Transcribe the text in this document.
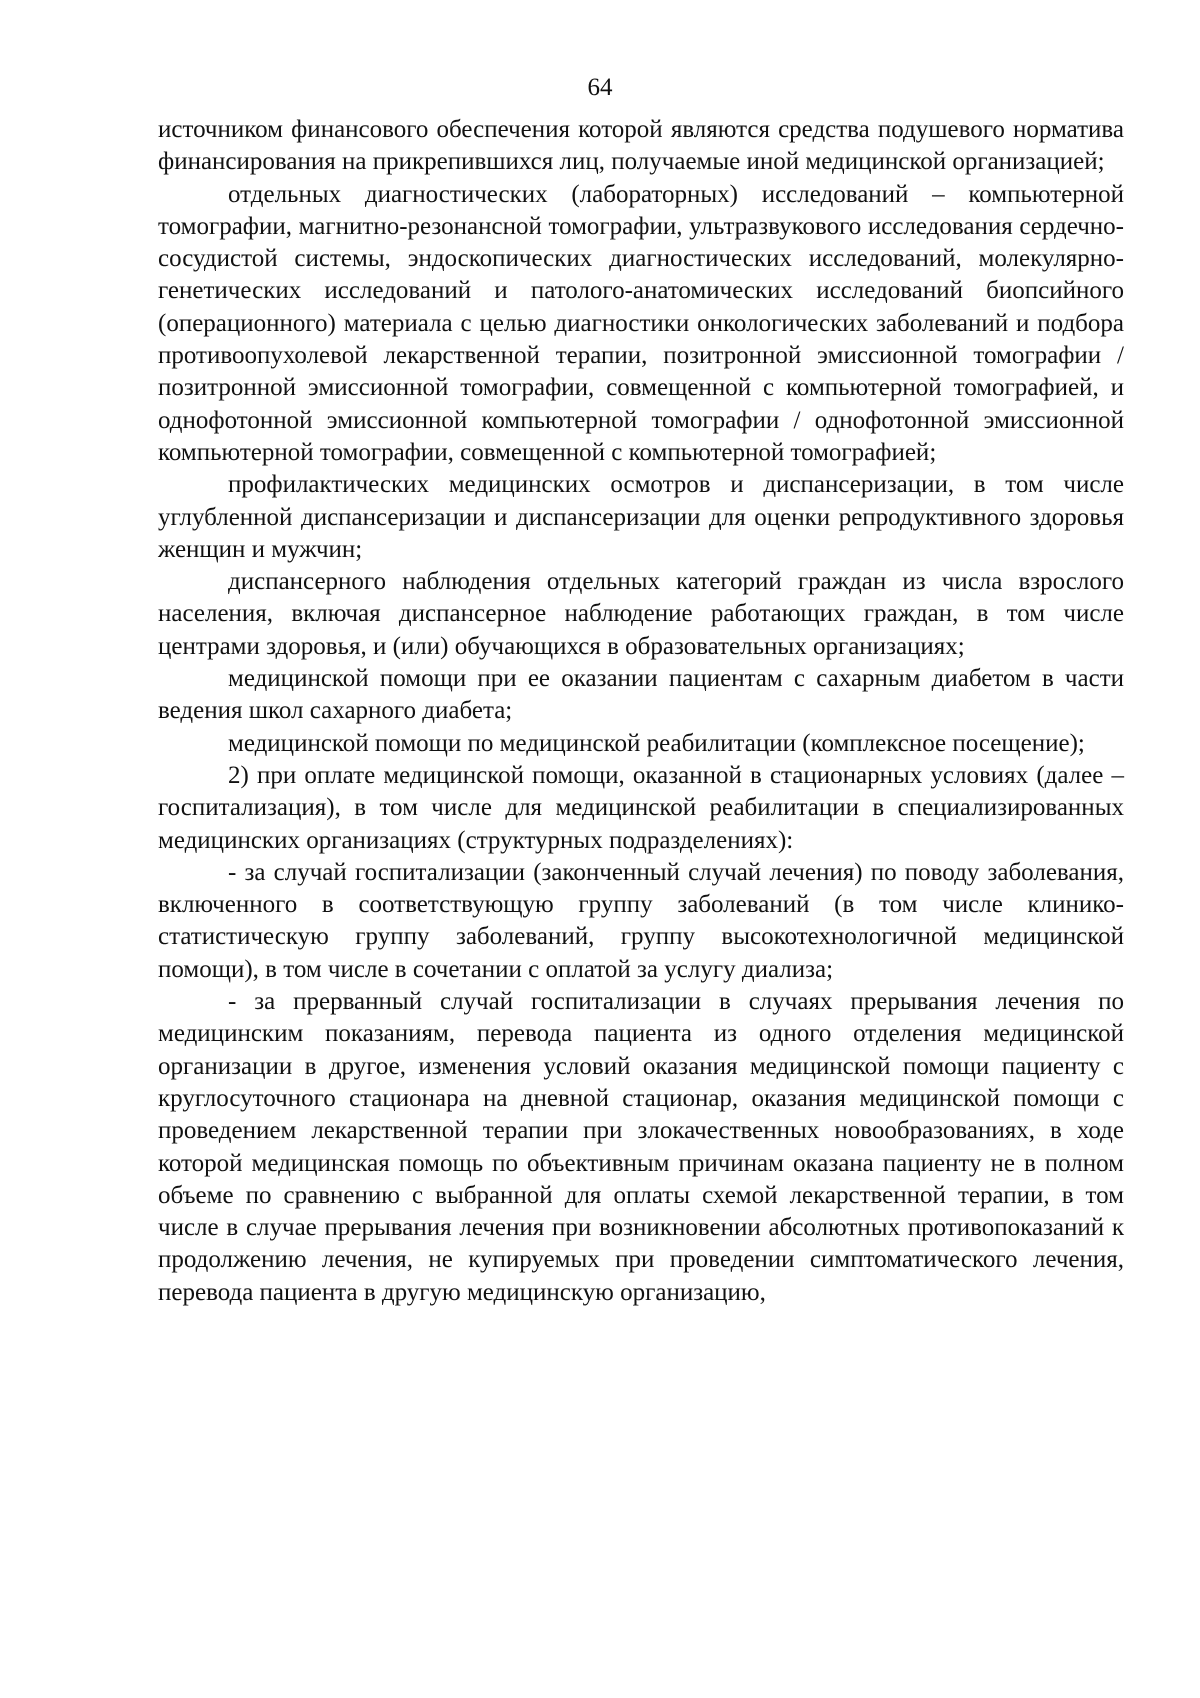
64

источником финансового обеспечения которой являются средства подушевого норматива финансирования на прикрепившихся лиц, получаемые иной медицинской организацией;

отдельных диагностических (лабораторных) исследований – компьютерной томографии, магнитно-резонансной томографии, ультразвукового исследования сердечно-сосудистой системы, эндоскопических диагностических исследований, молекулярно-генетических исследований и патолого-анатомических исследований биопсийного (операционного) материала с целью диагностики онкологических заболеваний и подбора противоопухолевой лекарственной терапии, позитронной эмиссионной томографии / позитронной эмиссионной томографии, совмещенной с компьютерной томографией, и однофотонной эмиссионной компьютерной томографии / однофотонной эмиссионной компьютерной томографии, совмещенной с компьютерной томографией;

профилактических медицинских осмотров и диспансеризации, в том числе углубленной диспансеризации и диспансеризации для оценки репродуктивного здоровья женщин и мужчин;

диспансерного наблюдения отдельных категорий граждан из числа взрослого населения, включая диспансерное наблюдение работающих граждан, в том числе центрами здоровья, и (или) обучающихся в образовательных организациях;

медицинской помощи при ее оказании пациентам с сахарным диабетом в части ведения школ сахарного диабета;

медицинской помощи по медицинской реабилитации (комплексное посещение);

2) при оплате медицинской помощи, оказанной в стационарных условиях (далее – госпитализация), в том числе для медицинской реабилитации в специализированных медицинских организациях (структурных подразделениях):

- за случай госпитализации (законченный случай лечения) по поводу заболевания, включенного в соответствующую группу заболеваний (в том числе клинико-статистическую группу заболеваний, группу высокотехнологичной медицинской помощи), в том числе в сочетании с оплатой за услугу диализа;

- за прерванный случай госпитализации в случаях прерывания лечения по медицинским показаниям, перевода пациента из одного отделения медицинской организации в другое, изменения условий оказания медицинской помощи пациенту с круглосуточного стационара на дневной стационар, оказания медицинской помощи с проведением лекарственной терапии при злокачественных новообразованиях, в ходе которой медицинская помощь по объективным причинам оказана пациенту не в полном объеме по сравнению с выбранной для оплаты схемой лекарственной терапии, в том числе в случае прерывания лечения при возникновении абсолютных противопоказаний к продолжению лечения, не купируемых при проведении симптоматического лечения, перевода пациента в другую медицинскую организацию,
